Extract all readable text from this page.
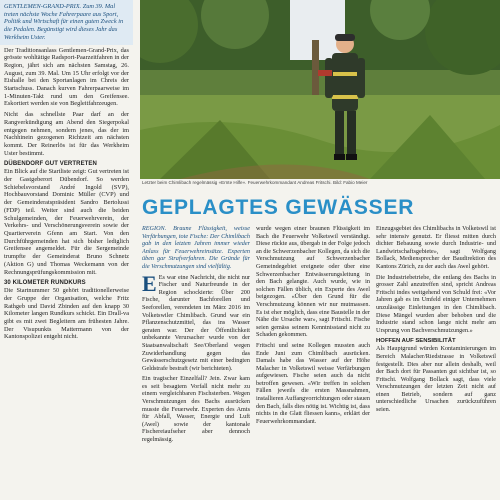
GENTLEMEN-GRAND-PRIX. Zum 39. Mal treten nächste Woche Fahrerpaare aus Sport, Politik und Wirtschaft für einen guten Zweck in die Pedalen. Begünstigt wird dieses Jahr das Werkheim Uster.

Der Traditionsanlass Gentlemen-Grand-Prix, das grösste wohltätige Radsport-Paarzeitfahren in der Region, jährt sich am nächsten Samstag, 26. August, zum 39. Mal. Um 15 Uhr erfolgt vor der Eishalle bei den Sportanlagen im Chreis der Startschuss. Danach kurven Fahrerpaarweise im 1-Minuten-Takt rund um den Greifensee. Eskortiert werden sie von Begleitfahrzeugen.

Nicht das schnellste Paar darf an der Rangverkündigung am Abend den Siegerpokal entgegen nehmen, sondern jenes, das der im Nachhinein gezogenen Richtzeit am nächsten kommt. Der Reinerlös ist für das Werkheim Uster bestimmt.

DÜBENDORF GUT VERTRETEN

Ein Blick auf die Startliste zeigt: Gut vertreten ist der Gastgeberort Dübendorf. So werden Schiebelsvorstand André Ingold (SVP), Hochbauvorstand Dominic Müller (CVP) und der Gemeinderatspräsident Sandro Bertolussi (FDP) teil. Weiter sind auch die beiden Schulgemeinden, der Feuerwehrverein, der Verkehrs- und Verschönerungsverein sowie der Quartierverein Gfenn am Start. Von den Durchführgemeinden hat sich bisher lediglich Greifensee angemeldet. Für die Sergemeinde trumpfte der Gemeinderat Bruno Schnetz (Aktion G) und Thomas Weckemann von der Rechnungsprüfungskommission mit.

30 KILOMETER RUNDKURS

Die Startnummer 50 gehört traditionellerweise der Gruppe der Organisation, welche Fritz Rathgeb und David Zbinden auf den knapp 30 Kilometer langen Rundkurs schickt. Ein Drall-va gibt es mit zwei Begleitern am frühesten Jahre. Der Visupunkts Mattermann von der Kantonspolizei entgeht nicht.

Letzter beim Chimlibach regelmässig «Ernte Hilfe». Feuerwehrkommandant Andreas Fritschi. Bild: Fabio Meier
GEPLAGTES GEWÄSSER

REGION. Braune Flüssigkeit, weisse Verfärbungen, tote Fische: Der Chimlibach gab in den letzten Jahren immer wieder Anlass für Feuerwehreinsätze. Experten üben gar Strafverfahren. Die Gründe für die Verschmutzungen sind vielfältig.

E Es war eine Nachricht, die nicht nur Fischer und Naturfreunde in der Region schockierte: Über 200 Fische, darunter Bachforellen und Seeforellen, verendeten im März 2016 im Volketswiler Chimlibach. Grund war ein Pflanzenschutzmittel, das ins Wasser geraten war. Der der Öffentlichkeit unbekannte Verursacher wurde von der Staatsanwaltschaft See/Oberland wegen Zuwiderhandlung gegen das Gewässerschutzgesetz mit einer bedingten Geldstrafe bestraft (wir berichteten).

Ein tragischer Einzelfall? Jein. Zwar kam es seit besagtem Vorfall nicht mehr zu einem vergleichbaren Fischsterben. Wegen Verschmutzungen des Bachs ausrücken musste die Feuerwehr. Experten des Amts für Abfall, Wasser, Energie und Luft (Awel) sowie der kantonale Fischereiaufseher aber dennoch regelmässig.

wurde wegen einer braunen Flüssigkeit im Bach die Feuerwehr Volketswil verständigt. Diese rückte aus, übergab in der Folge jedoch an die Schwerzenbacher Kollegen, da sich die Verschmutzung auf Schwerzenbacher Gemeindegebiet ereignete oder über eine Schwerzenbacher Entwässerungsleitung in den Bach gelangte. Auch wurde, wie in solchen Fällen üblich, ein Experte des Awel beigezogen. «Über den Grund für die Verschmutzung können wir nur mutmassen. Es ist eher möglich, dass eine Baustelle in der Nähe die Ursache war», sagt Fritschi. Fische seien gemäss seinem Kenntnisstand nicht zu Schaden gekommen.

Fritschi und seine Kollegen mussten auch Ende Juni zum Chimlibach ausrücken. Damals habe das Wasser auf der Höhe Malacher in Volketswil weisse Verfärbungen aufgewiesen. Fische seien auch da nicht betroffen gewesen. «Wir treffen in solchen Fällen jeweils die ersten Massnahmen, installieren Auffangvorrichtungen oder stauen den Bach, falls dies nötig ist. Wichtig ist, dass nichts in die Glatt fliessen kann», erklärt der Feuerwehrkommandant.

Einzugsgebiet des Chimlibachs in Volketswil ist sehr intensiv genutzt. Er fliesst mitten durch dichter Bebauung sowie durch Industrie- und Landwirtschaftsgebiete», sagt Wolfgang Bollack, Mediensprecher der Baudirektion des Kantons Zürich, zu der auch das Awel gehört.

Die Industriebetriebe, die entlang des Bachs in grosser Zahl anzutreffen sind, spricht Andreas Fritschi indes weitgehend von Schuld frei: «Vor Jahren gab es im Umfeld einiger Unternehmen unzulässige Einleitungen in den Chimlibach. Diese Mängel wurden aber behoben und die Industrie stand schon lange nicht mehr am Ursprung von Bachverschmutzungen.»

HOFFEN AUF SENSIBILITÄT

Als Hauptgrund würden Kontaminierungen im Bereich Malacher/Riedstrasse in Volketswil festgestellt. Dies aber nur allein deshalb, weil der Bach dort für Passanten gut sichtbar ist, so Fritschi. Wolfgang Bollack sagt, dass viele Verschmutzungen der letzten Zeit nicht auf einen Betrieb, sondern auf ganz unterschiedliche Ursachen zurückzuführen seien.
